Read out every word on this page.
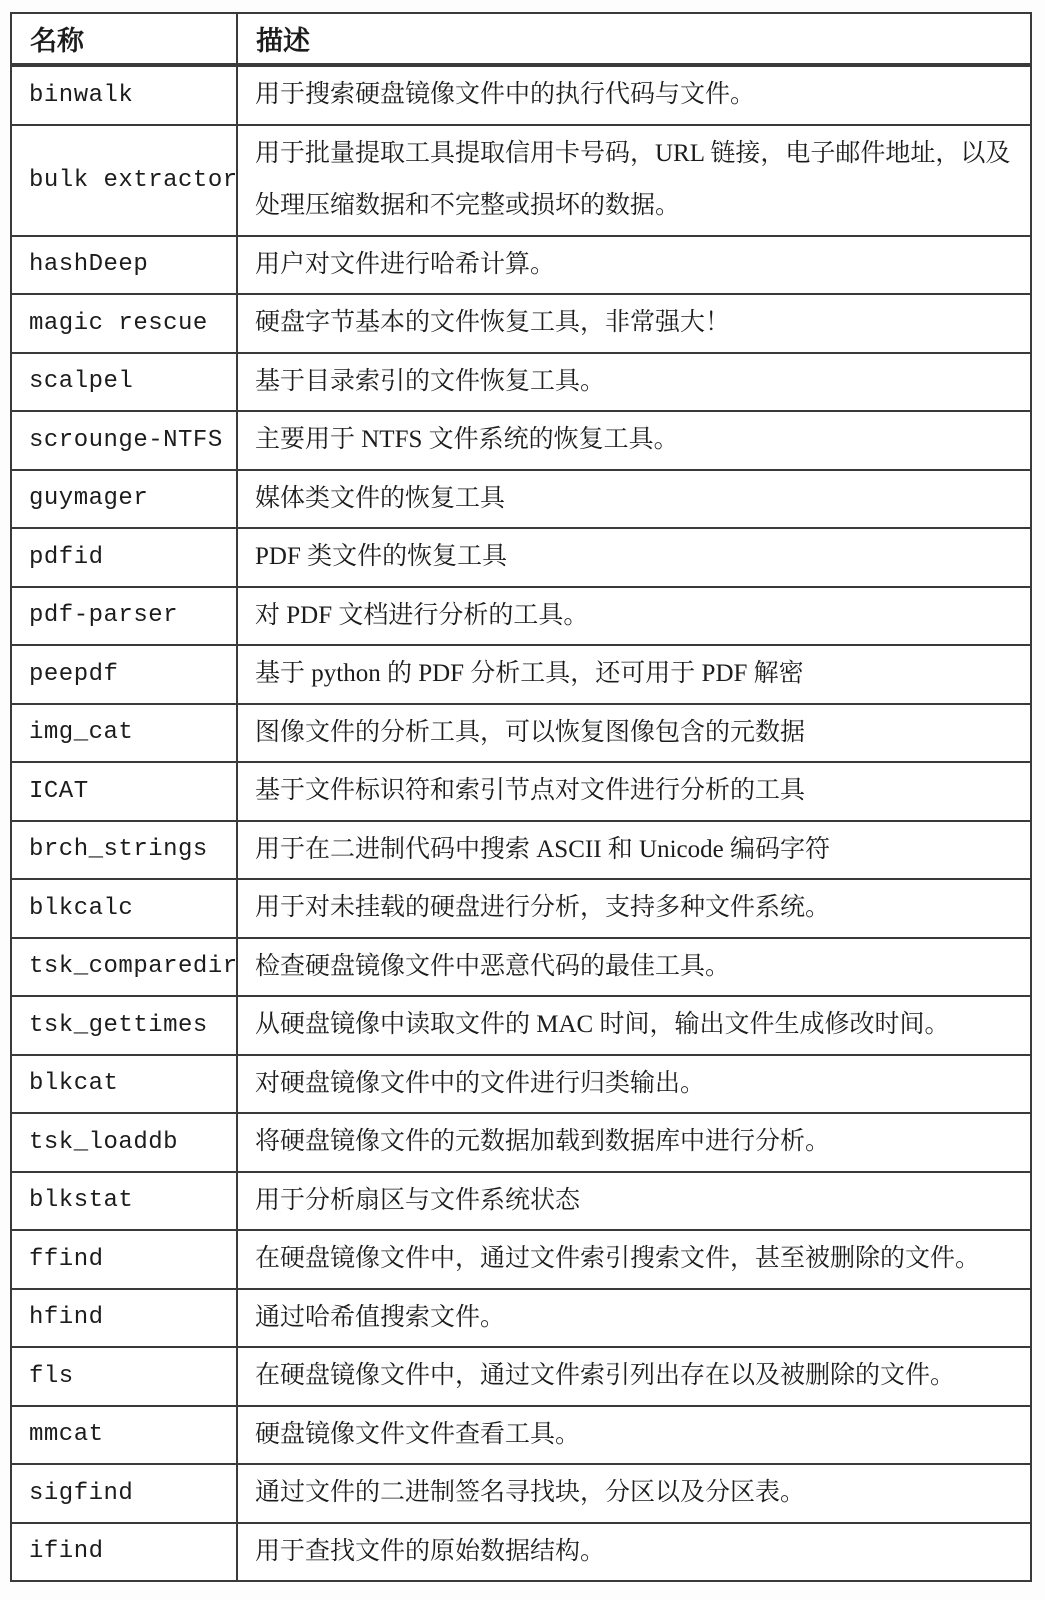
名称	描述
binwalk	用于搜索硬盘镜像文件中的执行代码与文件。
bulk extractor	用于批量提取工具提取信用卡号码，URL 链接，电子邮件地址，以及处理压缩数据和不完整或损坏的数据。
hashDeep	用户对文件进行哈希计算。
magic rescue	硬盘字节基本的文件恢复工具，非常强大！
scalpel	基于目录索引的文件恢复工具。
scrounge-NTFS	主要用于 NTFS 文件系统的恢复工具。
guymager	媒体类文件的恢复工具
pdfid	PDF 类文件的恢复工具
pdf-parser	对 PDF 文档进行分析的工具。
peepdf	基于 python 的 PDF 分析工具，还可用于 PDF 解密
img_cat	图像文件的分析工具，可以恢复图像包含的元数据
ICAT	基于文件标识符和索引节点对文件进行分析的工具
brch_strings	用于在二进制代码中搜索 ASCII 和 Unicode 编码字符
blkcalc	用于对未挂载的硬盘进行分析，支持多种文件系统。
tsk_comparedir	检查硬盘镜像文件中恶意代码的最佳工具。
tsk_gettimes	从硬盘镜像中读取文件的 MAC 时间，输出文件生成修改时间。
blkcat	对硬盘镜像文件中的文件进行归类输出。
tsk_loaddb	将硬盘镜像文件的元数据加载到数据库中进行分析。
blkstat	用于分析扇区与文件系统状态
ffind	在硬盘镜像文件中，通过文件索引搜索文件，甚至被删除的文件。
hfind	通过哈希值搜索文件。
fls	在硬盘镜像文件中，通过文件索引列出存在以及被删除的文件。
mmcat	硬盘镜像文件文件查看工具。
sigfind	通过文件的二进制签名寻找块，分区以及分区表。
ifind	用于查找文件的原始数据结构。
